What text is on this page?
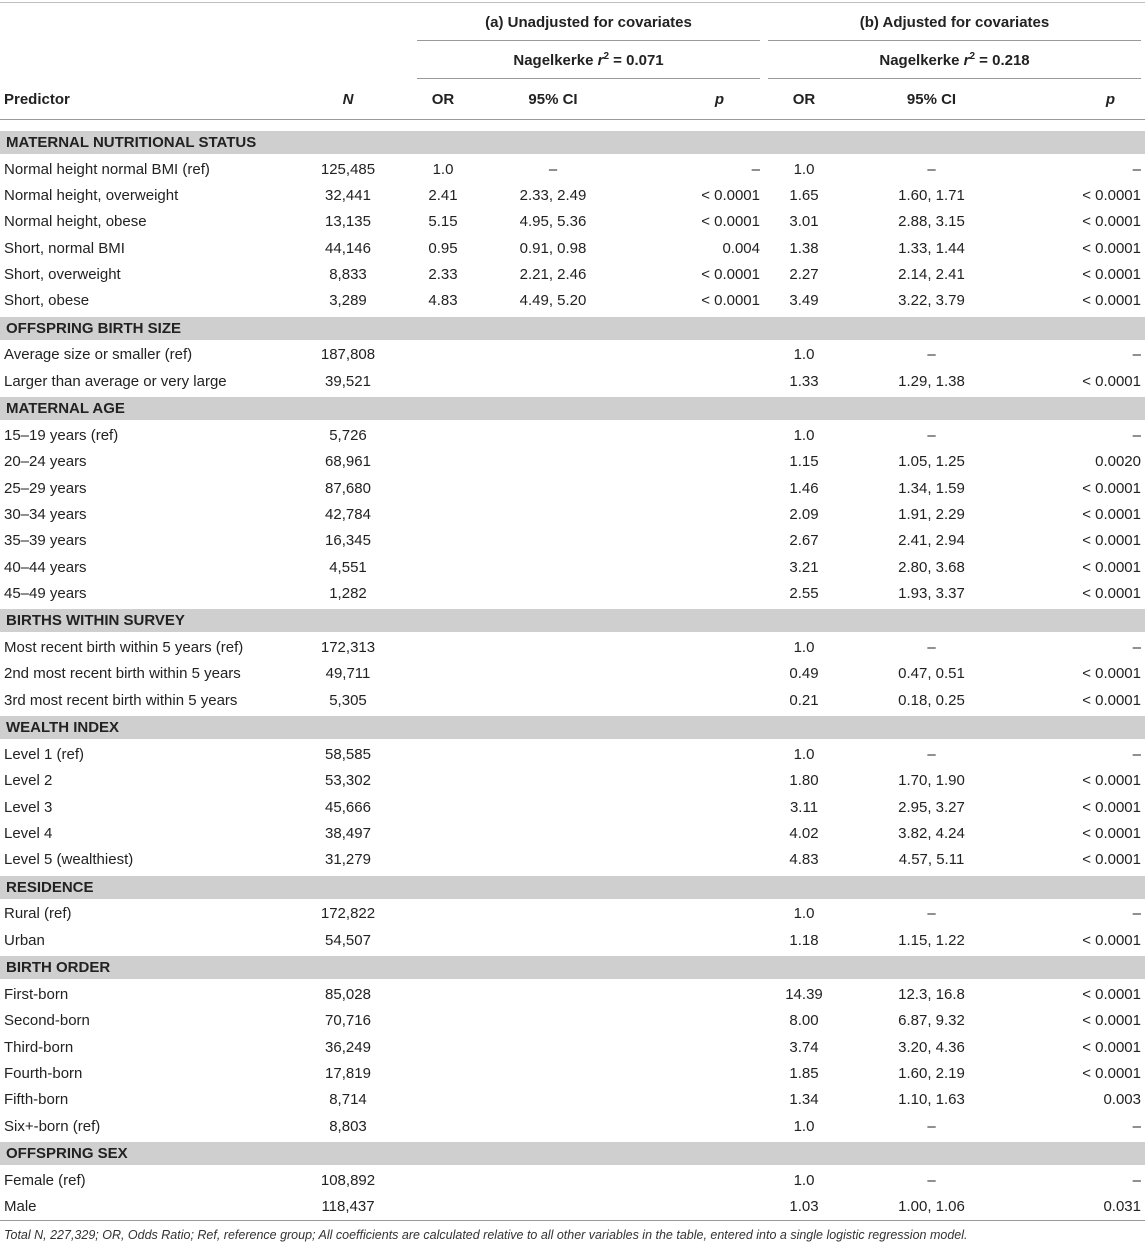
		(a) Unadjusted for covariates			(b) Adjusted for covariates		
		Nagelkerke $r^2 = 0.071$			Nagelkerke $r^2 = 0.218$		
Predictor	N	OR	95% CI	p	OR	95% CI	p

MATERNAL NUTRITIONAL STATUS							
Normal height normal BMI (ref)	125,485	1.0	–	–	1.0	–	–
Normal height, overweight	32,441	2.41	2.33, 2.49	< 0.0001	1.65	1.60, 1.71	< 0.0001
Normal height, obese	13,135	5.15	4.95, 5.36	< 0.0001	3.01	2.88, 3.15	< 0.0001
Short, normal BMI	44,146	0.95	0.91, 0.98	0.004	1.38	1.33, 1.44	< 0.0001
Short, overweight	8,833	2.33	2.21, 2.46	< 0.0001	2.27	2.14, 2.41	< 0.0001
Short, obese	3,289	4.83	4.49, 5.20	< 0.0001	3.49	3.22, 3.79	< 0.0001
OFFSPRING BIRTH SIZE							
Average size or smaller (ref)	187,808				1.0	–	–
Larger than average or very large	39,521				1.33	1.29, 1.38	< 0.0001
MATERNAL AGE							
15–19 years (ref)	5,726				1.0	–	–
20–24 years	68,961				1.15	1.05, 1.25	0.0020
25–29 years	87,680				1.46	1.34, 1.59	< 0.0001
30–34 years	42,784				2.09	1.91, 2.29	< 0.0001
35–39 years	16,345				2.67	2.41, 2.94	< 0.0001
40–44 years	4,551				3.21	2.80, 3.68	< 0.0001
45–49 years	1,282				2.55	1.93, 3.37	< 0.0001
BIRTHS WITHIN SURVEY							
Most recent birth within 5 years (ref)	172,313				1.0	–	–
2nd most recent birth within 5 years	49,711				0.49	0.47, 0.51	< 0.0001
3rd most recent birth within 5 years	5,305				0.21	0.18, 0.25	< 0.0001
WEALTH INDEX							
Level 1 (ref)	58,585				1.0	–	–
Level 2	53,302				1.80	1.70, 1.90	< 0.0001
Level 3	45,666				3.11	2.95, 3.27	< 0.0001
Level 4	38,497				4.02	3.82, 4.24	< 0.0001
Level 5 (wealthiest)	31,279				4.83	4.57, 5.11	< 0.0001
RESIDENCE							
Rural (ref)	172,822				1.0	–	–
Urban	54,507				1.18	1.15, 1.22	< 0.0001
BIRTH ORDER							
First-born	85,028				14.39	12.3, 16.8	< 0.0001
Second-born	70,716				8.00	6.87, 9.32	< 0.0001
Third-born	36,249				3.74	3.20, 4.36	< 0.0001
Fourth-born	17,819				1.85	1.60, 2.19	< 0.0001
Fifth-born	8,714				1.34	1.10, 1.63	0.003
Six+-born (ref)	8,803				1.0	–	–
OFFSPRING SEX							
Female (ref)	108,892				1.0	–	–
Male	118,437				1.03	1.00, 1.06	0.031

Total N, 227,329; OR, Odds Ratio; Ref, reference group; All coefficients are calculated relative to all other variables in the table, entered into a single logistic regression model.
